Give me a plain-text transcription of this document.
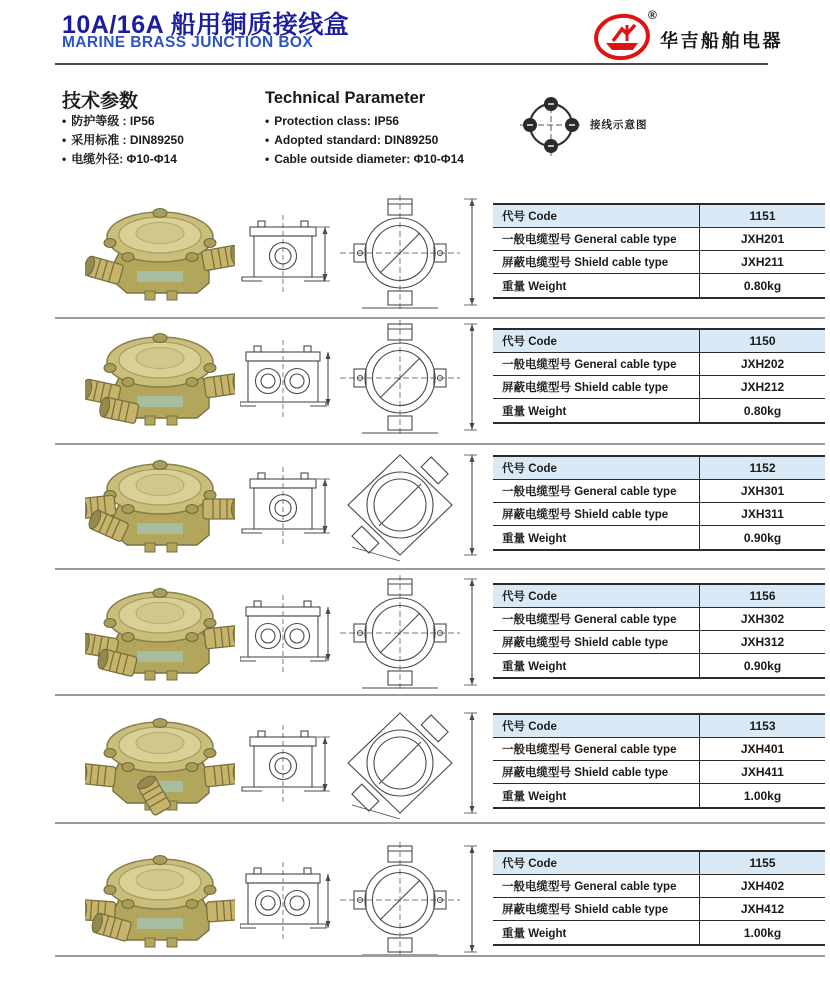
10A/16A 船用铜质接线盒
MARINE BRASS JUNCTION BOX
®
华吉船舶电器
技术参数
• 防护等级 : IP56
• 采用标准 : DIN89250
• 电缆外径: Φ10-Φ14
Technical Parameter
• Protection class: IP56
• Adopted standard: DIN89250
• Cable outside diameter: Φ10-Φ14
接线示意图
代号 Code	1151
一般电缆型号 General cable type	JXH201
屏蔽电缆型号 Shield cable type	JXH211
重量 Weight	0.80kg
代号 Code	1150
一般电缆型号 General cable type	JXH202
屏蔽电缆型号 Shield cable type	JXH212
重量 Weight	0.80kg
代号 Code	1152
一般电缆型号 General cable type	JXH301
屏蔽电缆型号 Shield cable type	JXH311
重量 Weight	0.90kg
代号 Code	1156
一般电缆型号 General cable type	JXH302
屏蔽电缆型号 Shield cable type	JXH312
重量 Weight	0.90kg
代号 Code	1153
一般电缆型号 General cable type	JXH401
屏蔽电缆型号 Shield cable type	JXH411
重量 Weight	1.00kg
代号 Code	1155
一般电缆型号 General cable type	JXH402
屏蔽电缆型号 Shield cable type	JXH412
重量 Weight	1.00kg
